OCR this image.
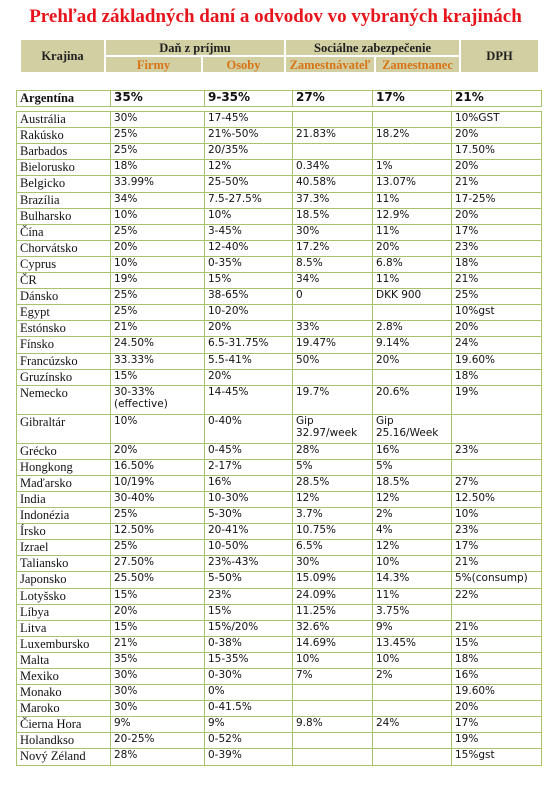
Prehľad základných daní a odvodov vo vybraných krajinách
Krajina	Daň z príjmu		Sociálne zabezpečenie		DPH
	Firmy	Osoby	Zamestnávateľ	Zamestnanec	
Argentína	35%	9-35%	27%	17%	21%

Austrália	30%	17-45%			10%GST
Rakúsko	25%	21%-50%	21.83%	18.2%	20%
Barbados	25%	20/35%			17.50%
Bielorusko	18%	12%	0.34%	1%	20%
Belgicko	33.99%	25-50%	40.58%	13.07%	21%
Brazília	34%	7.5-27.5%	37.3%	11%	17-25%
Bulharsko	10%	10%	18.5%	12.9%	20%
Čína	25%	3-45%	30%	11%	17%
Chorvátsko	20%	12-40%	17.2%	20%	23%
Cyprus	10%	0-35%	8.5%	6.8%	18%
ČR	19%	15%	34%	11%	21%
Dánsko	25%	38-65%	0	DKK 900	25%
Egypt	25%	10-20%			10%gst
Estónsko	21%	20%	33%	2.8%	20%
Fínsko	24.50%	6.5-31.75%	19.47%	9.14%	24%
Francúzsko	33.33%	5.5-41%	50%	20%	19.60%
Gruzínsko	15%	20%			18%
Nemecko	30-33%(effective)	14-45%	19.7%	20.6%	19%
Gibraltár	10%	0-40%	Gip 32.97/week	Gip 25.16/Week	
Grécko	20%	0-45%	28%	16%	23%
Hongkong	16.50%	2-17%	5%	5%	
Maďarsko	10/19%	16%	28.5%	18.5%	27%
India	30-40%	10-30%	12%	12%	12.50%
Indonézia	25%	5-30%	3.7%	2%	10%
Írsko	12.50%	20-41%	10.75%	4%	23%
Izrael	25%	10-50%	6.5%	12%	17%
Taliansko	27.50%	23%-43%	30%	10%	21%
Japonsko	25.50%	5-50%	15.09%	14.3%	5%(consump)
Lotyšsko	15%	23%	24.09%	11%	22%
Líbya	20%	15%	11.25%	3.75%	
Litva	15%	15%/20%	32.6%	9%	21%
Luxembursko	21%	0-38%	14.69%	13.45%	15%
Malta	35%	15-35%	10%	10%	18%
Mexiko	30%	0-30%	7%	2%	16%
Monako	30%	0%			19.60%
Maroko	30%	0-41.5%			20%
Čierna Hora	9%	9%	9.8%	24%	17%
Holandkso	20-25%	0-52%			19%
Nový Zéland	28%	0-39%			15%gst
